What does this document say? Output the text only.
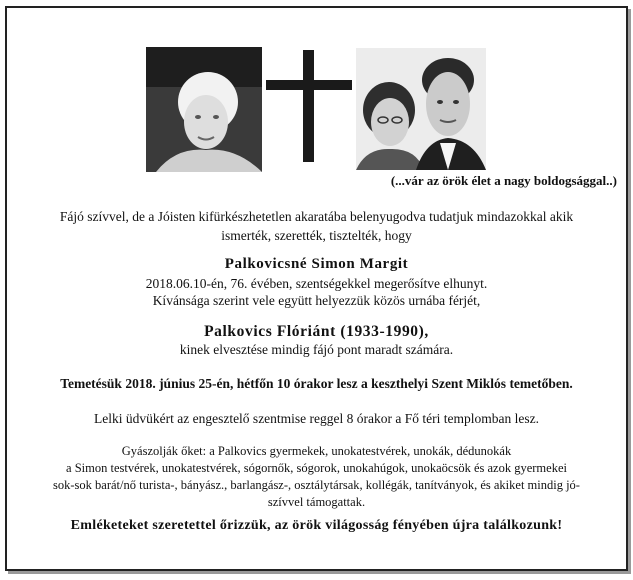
(...vár az örök élet a nagy boldogsággal..)
Fájó szívvel, de a Jóisten kifürkészhetetlen akaratába belenyugodva tudatjuk mindazokkal akik
ismerték, szerették, tisztelték, hogy
Palkovicsné Simon Margit
2018.06.10-én, 76. évében, szentségekkel megerősítve elhunyt.
Kívánsága szerint vele együtt helyezzük közös urnába férjét,
Palkovics Flóriánt (1933-1990),
kinek elvesztése mindig fájó pont maradt számára.
Temetésük 2018. június 25-én, hétfőn 10 órakor lesz a keszthelyi Szent Miklós temetőben.
Lelki üdvükért az engesztelő szentmise reggel 8 órakor a Fő téri templomban lesz.
Gyászolják őket: a Palkovics gyermekek, unokatestvérek, unokák, dédunokák
a Simon testvérek, unokatestvérek, sógornők, sógorok, unokahúgok, unokaöcsök és azok gyermekei
sok-sok barát/nő turista-, bányász., barlangász-, osztálytársak, kollégák, tanítványok, és akiket mindig jó-
szívvel támogattak.
Emléketeket szeretettel őrizzük, az örök világosság fényében újra találkozunk!
